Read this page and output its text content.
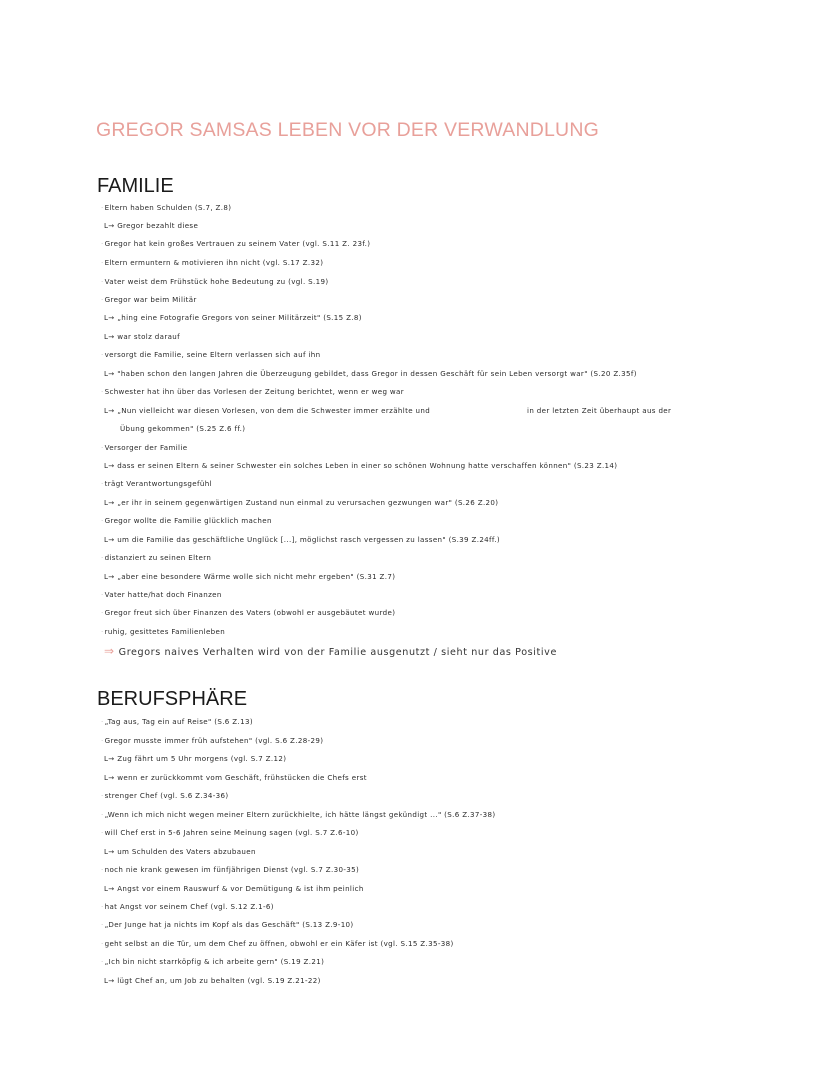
GREGOR SAMSAS LEBEN VOR DER VERWANDLUNG
FAMILIE
· Eltern haben Schulden (S.7, Z.8)
L→ Gregor bezahlt diese
· Gregor hat kein großes Vertrauen zu seinem Vater (vgl. S.11 Z. 23f.)
· Eltern ermuntern & motivieren ihn nicht (vgl. S.17 Z.32)
· Vater weist dem Frühstück hohe Bedeutung zu (vgl. S.19)
· Gregor war beim Militär
L→ „hing eine Fotografie Gregors von seiner Militärzeit" (S.15 Z.8)
L→ war stolz darauf
· versorgt die Familie, seine Eltern verlassen sich auf ihn
L→ "haben schon den langen Jahren die Überzeugung gebildet, dass Gregor in dessen Geschäft für sein Leben versorgt war" (S.20 Z.35f)
· Schwester hat ihn über das Vorlesen der Zeitung berichtet, wenn er weg war
L→ „Nun vielleicht war diesen Vorlesen, von dem die Schwester immer erzählte und	in der letzten Zeit überhaupt aus der
Übung gekommen" (S.25 Z.6 ff.)
· Versorger der Familie
L→ dass er seinen Eltern & seiner Schwester ein solches Leben in einer so schönen Wohnung hatte verschaffen können" (S.23 Z.14)
· trägt Verantwortungsgefühl
L→ „er ihr in seinem gegenwärtigen Zustand nun einmal zu verursachen gezwungen war" (S.26 Z.20)
· Gregor wollte die Familie glücklich machen
L→ um die Familie das geschäftliche Unglück [...], möglichst rasch vergessen zu lassen" (S.39 Z.24ff.)
· distanziert zu seinen Eltern
L→ „aber eine besondere Wärme wolle sich nicht mehr ergeben" (S.31 Z.7)
· Vater hatte/hat doch Finanzen
· Gregor freut sich über Finanzen des Vaters (obwohl er ausgebäutet wurde)
· ruhig, gesittetes Familienleben
⇒ Gregors naives Verhalten wird von der Familie ausgenutzt / sieht nur das Positive
BERUFSPHÄRE
· „Tag aus, Tag ein auf Reise" (S.6 Z.13)
· Gregor musste immer früh aufstehen" (vgl. S.6 Z.28-29)
L→ Zug fährt um 5 Uhr morgens (vgl. S.7 Z.12)
L→ wenn er zurückkommt vom Geschäft, frühstücken die Chefs erst
· strenger Chef (vgl. S.6 Z.34-36)
· „Wenn ich mich nicht wegen meiner Eltern zurückhielte, ich hätte längst gekündigt ..." (S.6 Z.37-38)
· will Chef erst in 5-6 Jahren seine Meinung sagen (vgl. S.7 Z.6-10)
L→ um Schulden des Vaters abzubauen
· noch nie krank gewesen im fünfjährigen Dienst (vgl. S.7 Z.30-35)
L→ Angst vor einem Rauswurf & vor Demütigung & ist ihm peinlich
· hat Angst vor seinem Chef (vgl. S.12 Z.1-6)
· „Der Junge hat ja nichts im Kopf als das Geschäft" (S.13 Z.9-10)
· geht selbst an die Tür, um dem Chef zu öffnen, obwohl er ein Käfer ist (vgl. S.15 Z.35-38)
· „Ich bin nicht starrköpfig & ich arbeite gern" (S.19 Z.21)
L→ lügt Chef an, um Job zu behalten (vgl. S.19 Z.21-22)
